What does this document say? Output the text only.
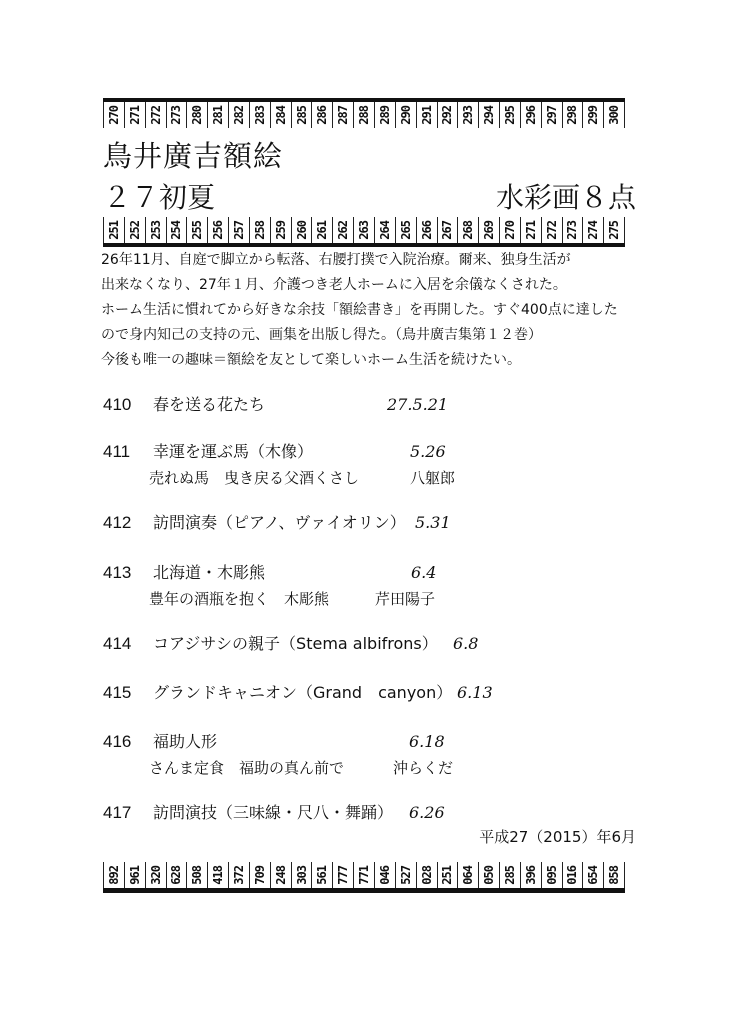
270 271 272 273 280 281 282 283 284 285 286 287 288 289 290 291 292 293 294 295 296 297 298 299 300
鳥井廣吉額絵
２７初夏	水彩画８点
251 252 253 254 255 256 257 258 259 260 261 262 263 264 265 266 267 268 269 270 271 272 273 274 275

26年11月、自庭で脚立から転落、右腰打撲で入院治療。爾来、独身生活が

出来なくなり、27年１月、介護つき老人ホームに入居を余儀なくされた。

ホーム生活に慣れてから好きな余技「額絵書き」を再開した。すぐ400点に達した

ので身内知己の支持の元、画集を出版し得た。（鳥井廣吉集第１２巻）

今後も唯一の趣味＝額絵を友として楽しいホーム生活を続けたい。

410 春を送る花たち	27.5.21
411 幸運を運ぶ馬（木像）	5.26
売れぬ馬　曳き戻る父酒くさし	八躯郎
412 訪問演奏（ピアノ、ヴァイオリン） 5.31
413 北海道・木彫熊	6.4
豊年の酒瓶を抱く　木彫熊	芹田陽子
414 コアジサシの親子（Stema albifrons） 6.8
415 グランドキャニオン（Grand　canyon） 6.13
416 福助人形	6.18
さんま定食　福助の真ん前で	沖らくだ
417 訪問演技（三味線・尺八・舞踊） 6.26
平成27（2015）年6月
892 961 320 628 508 418 372 709 248 303 561 777 771 046 527 028 251 064 050 285 396 095 016 654 858
